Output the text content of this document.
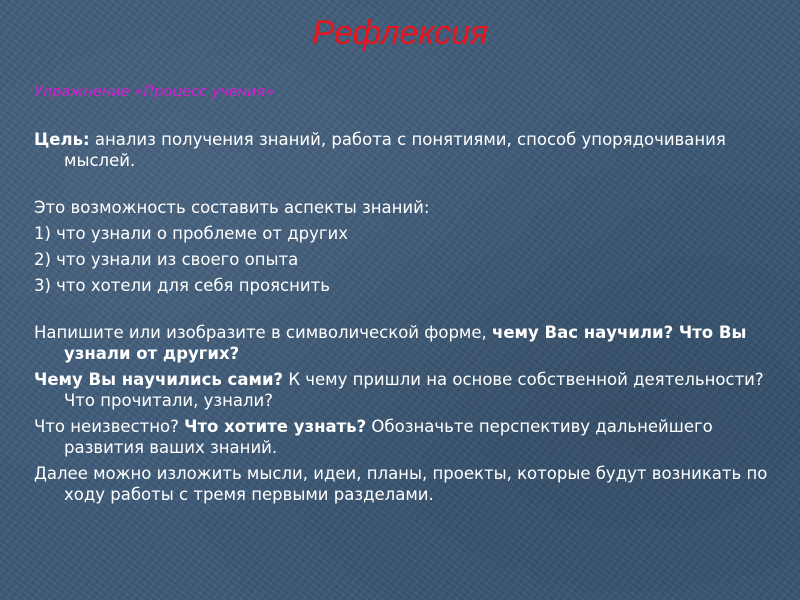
Рефлексия
Упражнение «Процесс учения»

Цель: анализ получения знаний, работа с понятиями, способ упорядочивания мыслей.

Это возможность составить аспекты знаний:

1) что узнали о проблеме от других

2) что узнали из своего опыта

3) что хотели для себя прояснить

Напишите или изобразите в символической форме, чему Вас научили? Что Вы узнали от других?

Чему Вы научились сами? К чему пришли на основе собственной деятельности? Что прочитали, узнали?

Что неизвестно? Что хотите узнать? Обозначьте перспективу дальнейшего развития ваших знаний.

Далее можно изложить мысли, идеи, планы, проекты, которые будут возникать по ходу работы с тремя первыми разделами.
